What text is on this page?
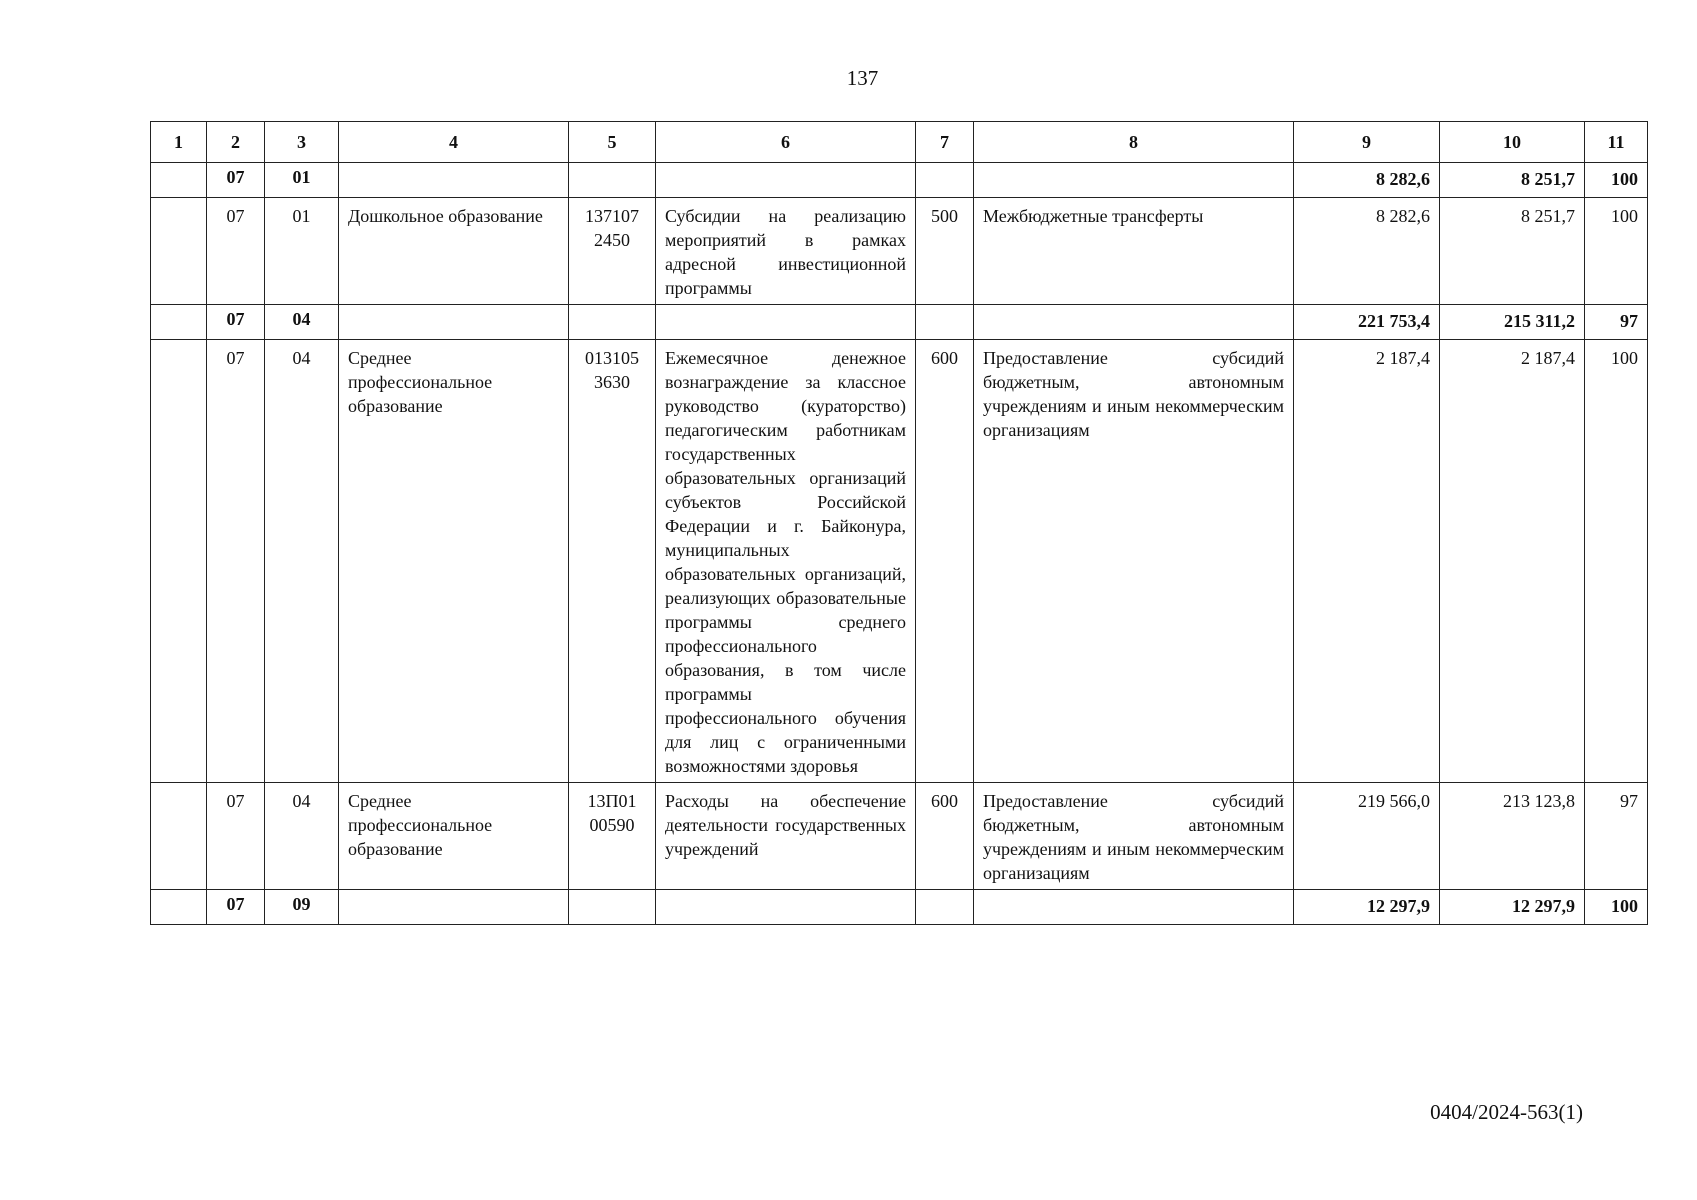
137
1	2	3	4	5	6	7	8	9	10	11
	07	01						8 282,6	8 251,7	100
	07	01	Дошкольное образование	137107 2450	Субсидии на реализацию мероприятий в рамках адресной инвестиционной программы	500	Межбюджетные трансферты	8 282,6	8 251,7	100
	07	04						221 753,4	215 311,2	97
	07	04	Среднее профессиональное образование	013105 3630	Ежемесячное денежное вознаграждение за классное руководство (кураторство) педагогическим работникам государственных образовательных организаций субъектов Российской Федерации и г. Байконура, муниципальных образовательных организаций, реализующих образовательные программы среднего профессионального образования, в том числе программы профессионального обучения для лиц с ограниченными возможностями здоровья	600	Предоставление субсидий бюджетным, автономным учреждениям и иным некоммерческим организациям	2 187,4	2 187,4	100
	07	04	Среднее профессиональное образование	13П01 00590	Расходы на обеспечение деятельности государственных учреждений	600	Предоставление субсидий бюджетным, автономным учреждениям и иным некоммерческим организациям	219 566,0	213 123,8	97
	07	09						12 297,9	12 297,9	100
0404/2024-563(1)
